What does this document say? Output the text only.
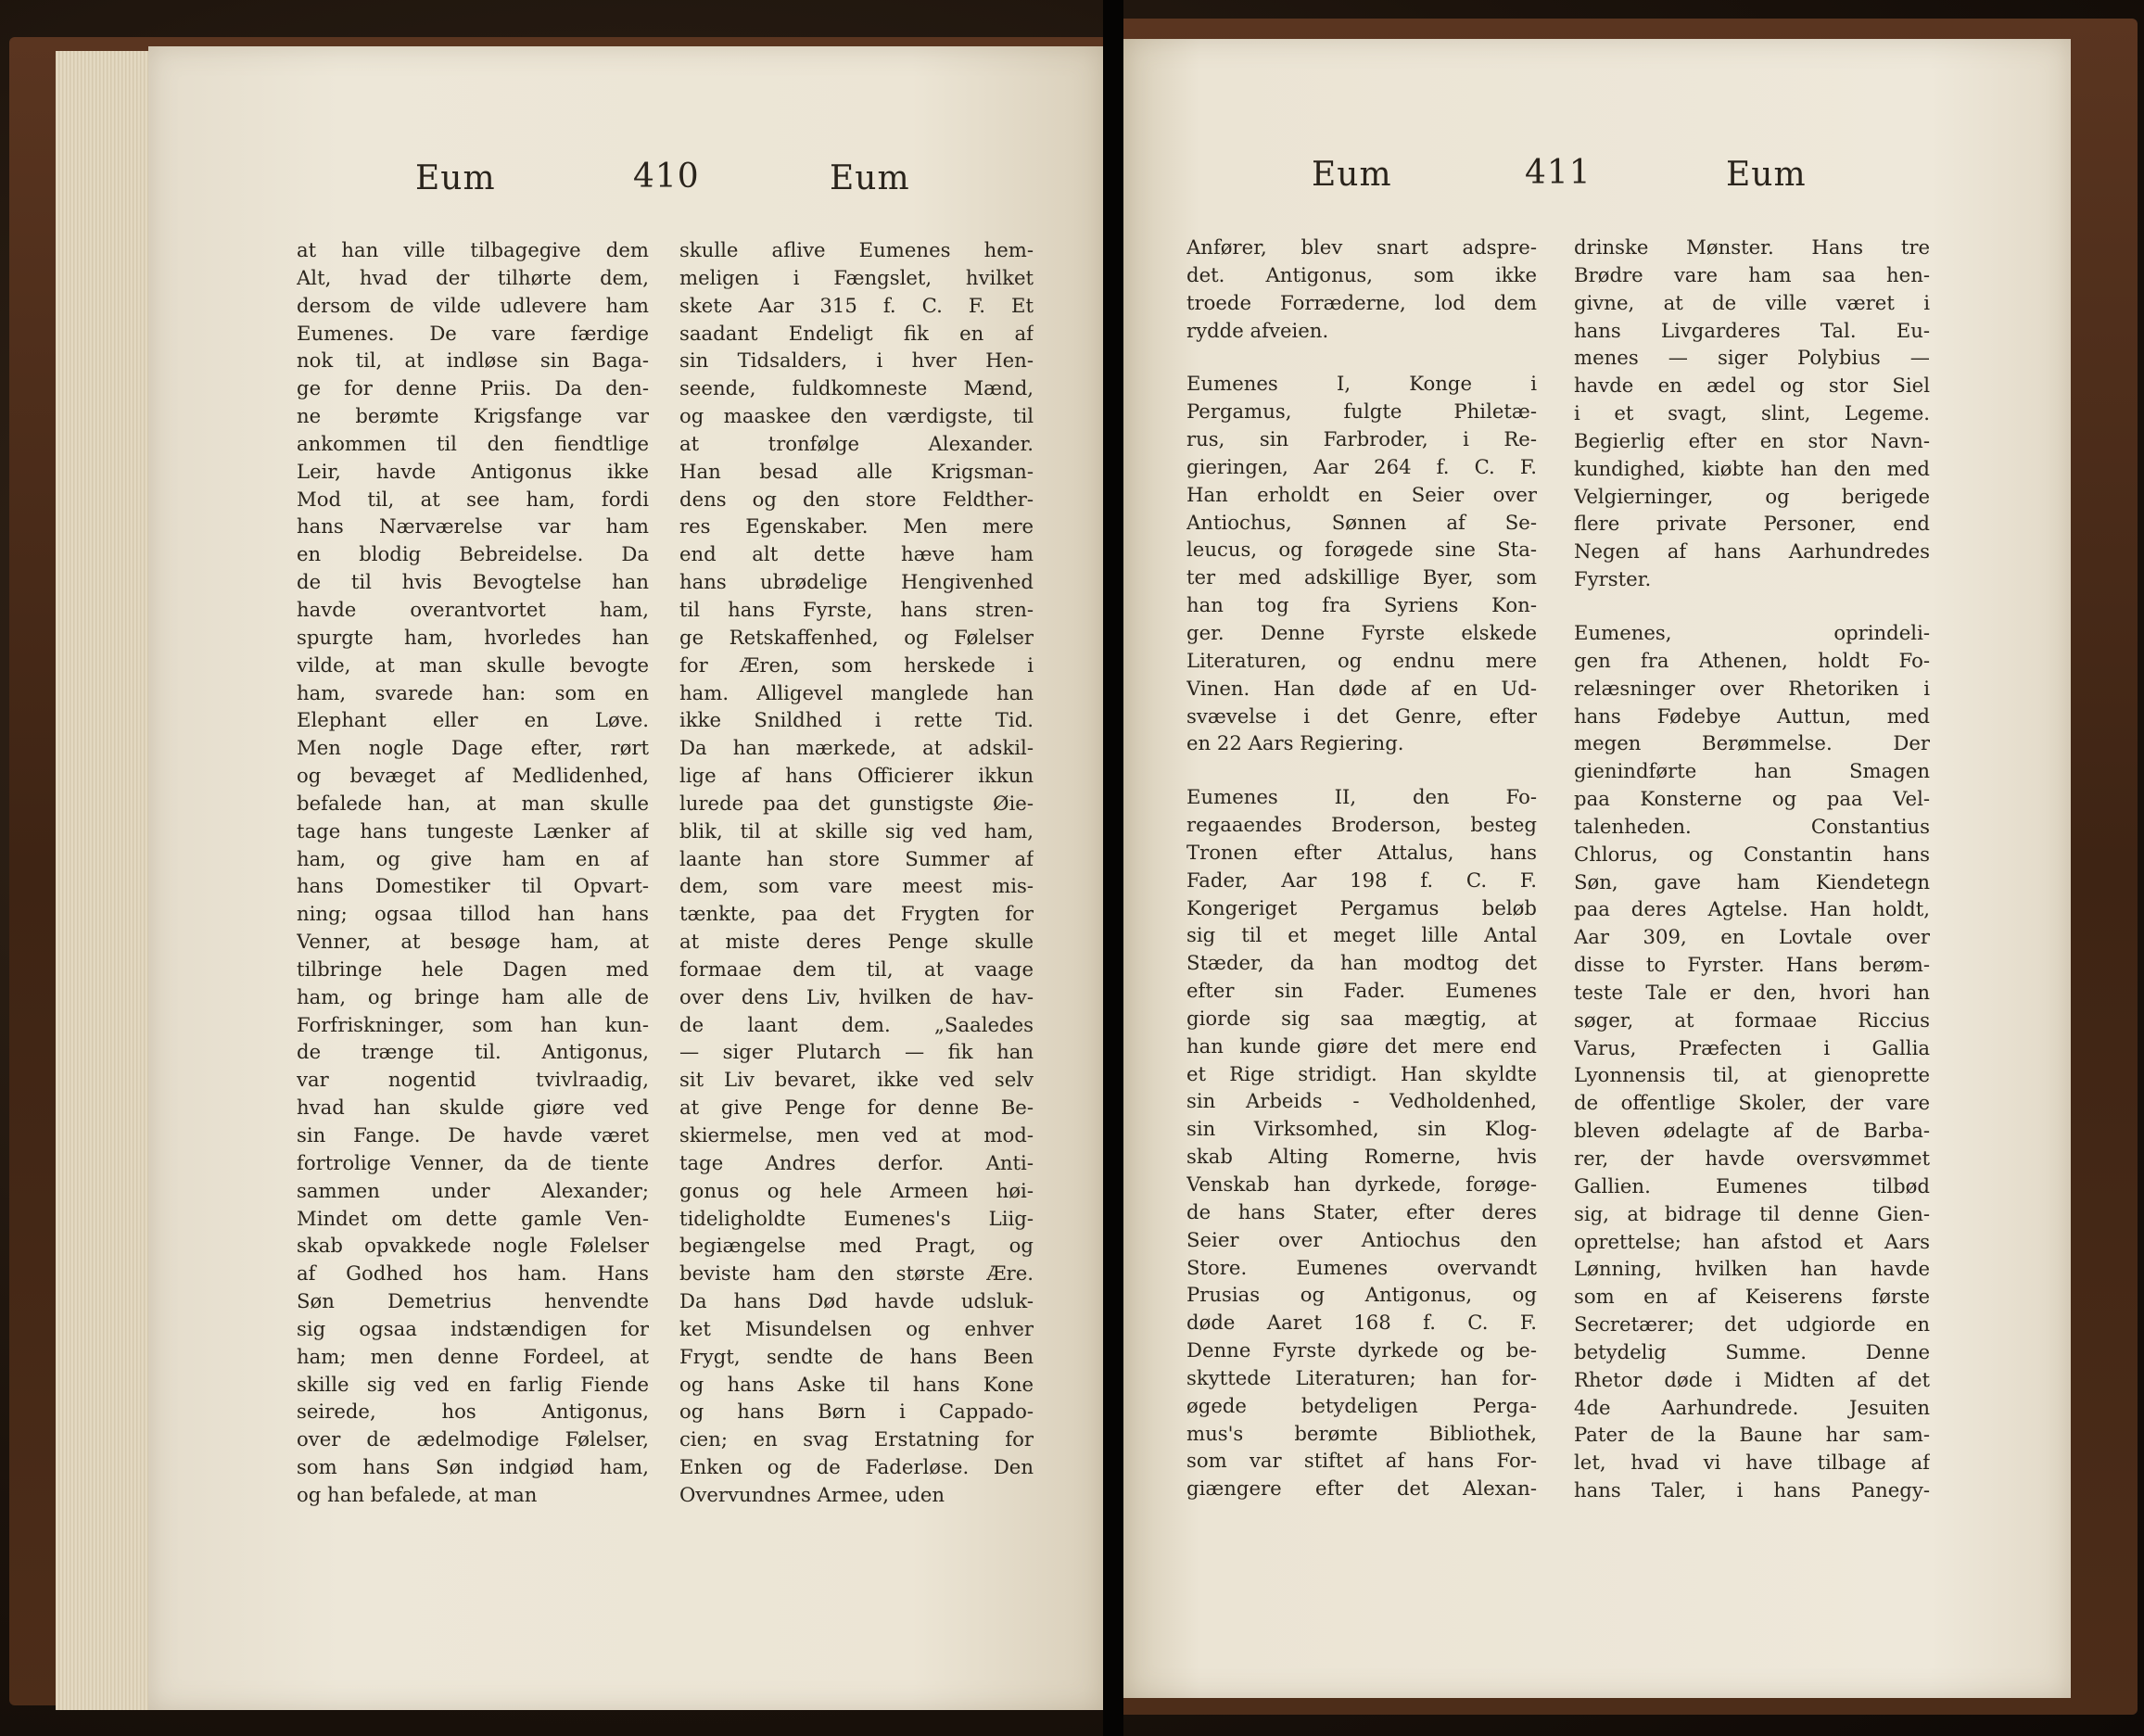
Eum	410	Eum	Eum	411	Eum
at han ville tilbagegive dem
Alt, hvad der tilhørte dem,
dersom de vilde udlevere ham
Eumenes. De vare færdige
nok til, at indløse sin Baga-
ge for denne Priis. Da den-
ne berømte Krigsfange var
ankommen til den fiendtlige
Leir, havde Antigonus ikke
Mod til, at see ham, fordi
hans Nærværelse var ham
en blodig Bebreidelse. Da
de til hvis Bevogtelse han
havde overantvortet ham,
spurgte ham, hvorledes han
vilde, at man skulle bevogte
ham, svarede han: som en
Elephant eller en Løve.
Men nogle Dage efter, rørt
og bevæget af Medlidenhed,
befalede han, at man skulle
tage hans tungeste Lænker af
ham, og give ham en af
hans Domestiker til Opvart-
ning; ogsaa tillod han hans
Venner, at besøge ham, at
tilbringe hele Dagen med
ham, og bringe ham alle de
Forfriskninger, som han kun-
de trænge til. Antigonus,
var nogentid tvivlraadig,
hvad han skulde giøre ved
sin Fange. De havde været
fortrolige Venner, da de tiente
sammen under Alexander;
Mindet om dette gamle Ven-
skab opvakkede nogle Følelser
af Godhed hos ham. Hans
Søn Demetrius henvendte
sig ogsaa indstændigen for
ham; men denne Fordeel, at
skille sig ved en farlig Fiende
seirede, hos Antigonus,
over de ædelmodige Følelser,
som hans Søn indgiød ham,
og han befalede, at man
skulle aflive Eumenes hem-
meligen i Fængslet, hvilket
skete Aar 315 f. C. F. Et
saadant Endeligt fik en af
sin Tidsalders, i hver Hen-
seende, fuldkomneste Mænd,
og maaskee den værdigste, til
at tronfølge Alexander.
Han besad alle Krigsman-
dens og den store Feldther-
res Egenskaber. Men mere
end alt dette hæve ham
hans ubrødelige Hengivenhed
til hans Fyrste, hans stren-
ge Retskaffenhed, og Følelser
for Æren, som herskede i
ham. Alligevel manglede han
ikke Snildhed i rette Tid.
Da han mærkede, at adskil-
lige af hans Officierer ikkun
lurede paa det gunstigste Øie-
blik, til at skille sig ved ham,
laante han store Summer af
dem, som vare meest mis-
tænkte, paa det Frygten for
at miste deres Penge skulle
formaae dem til, at vaage
over dens Liv, hvilken de hav-
de laant dem. „Saaledes
— siger Plutarch — fik han
sit Liv bevaret, ikke ved selv
at give Penge for denne Be-
skiermelse, men ved at mod-
tage Andres derfor. Anti-
gonus og hele Armeen høi-
tideligholdte Eumenes's Liig-
begiængelse med Pragt, og
beviste ham den største Ære.
Da hans Død havde udsluk-
ket Misundelsen og enhver
Frygt, sendte de hans Been
og hans Aske til hans Kone
og hans Børn i Cappado-
cien; en svag Erstatning for
Enken og de Faderløse. Den
Overvundnes Armee, uden
Anfører, blev snart adspre-
det. Antigonus, som ikke
troede Forræderne, lod dem
rydde afveien.
Eumenes I, Konge i
Pergamus, fulgte Philetæ-
rus, sin Farbroder, i Re-
gieringen, Aar 264 f. C. F.
Han erholdt en Seier over
Antiochus, Sønnen af Se-
leucus, og forøgede sine Sta-
ter med adskillige Byer, som
han tog fra Syriens Kon-
ger. Denne Fyrste elskede
Literaturen, og endnu mere
Vinen. Han døde af en Ud-
svævelse i det Genre, efter
en 22 Aars Regiering.
Eumenes II, den Fo-
regaaendes Broderson, besteg
Tronen efter Attalus, hans
Fader, Aar 198 f. C. F.
Kongeriget Pergamus beløb
sig til et meget lille Antal
Stæder, da han modtog det
efter sin Fader. Eumenes
giorde sig saa mægtig, at
han kunde giøre det mere end
et Rige stridigt. Han skyldte
sin Arbeids - Vedholdenhed,
sin Virksomhed, sin Klog-
skab Alting Romerne, hvis
Venskab han dyrkede, forøge-
de hans Stater, efter deres
Seier over Antiochus den
Store. Eumenes overvandt
Prusias og Antigonus, og
døde Aaret 168 f. C. F.
Denne Fyrste dyrkede og be-
skyttede Literaturen; han for-
øgede betydeligen Perga-
mus's berømte Bibliothek,
som var stiftet af hans For-
giængere efter det Alexan-
drinske Mønster. Hans tre
Brødre vare ham saa hen-
givne, at de ville været i
hans Livgarderes Tal. Eu-
menes — siger Polybius —
havde en ædel og stor Siel
i et svagt, slint, Legeme.
Begierlig efter en stor Navn-
kundighed, kiøbte han den med
Velgierninger, og berigede
flere private Personer, end
Negen af hans Aarhundredes
Fyrster.
Eumenes, oprindeli-
gen fra Athenen, holdt Fo-
relæsninger over Rhetoriken i
hans Fødebye Auttun, med
megen Berømmelse. Der
gienindførte han Smagen
paa Konsterne og paa Vel-
talenheden. Constantius
Chlorus, og Constantin hans
Søn, gave ham Kiendetegn
paa deres Agtelse. Han holdt,
Aar 309, en Lovtale over
disse to Fyrster. Hans berøm-
teste Tale er den, hvori han
søger, at formaae Riccius
Varus, Præfecten i Gallia
Lyonnensis til, at gienoprette
de offentlige Skoler, der vare
bleven ødelagte af de Barba-
rer, der havde oversvømmet
Gallien. Eumenes tilbød
sig, at bidrage til denne Gien-
oprettelse; han afstod et Aars
Lønning, hvilken han havde
som en af Keiserens første
Secretærer; det udgiorde en
betydelig Summe. Denne
Rhetor døde i Midten af det
4de Aarhundrede. Jesuiten
Pater de la Baune har sam-
let, hvad vi have tilbage af
hans Taler, i hans Panegy-
